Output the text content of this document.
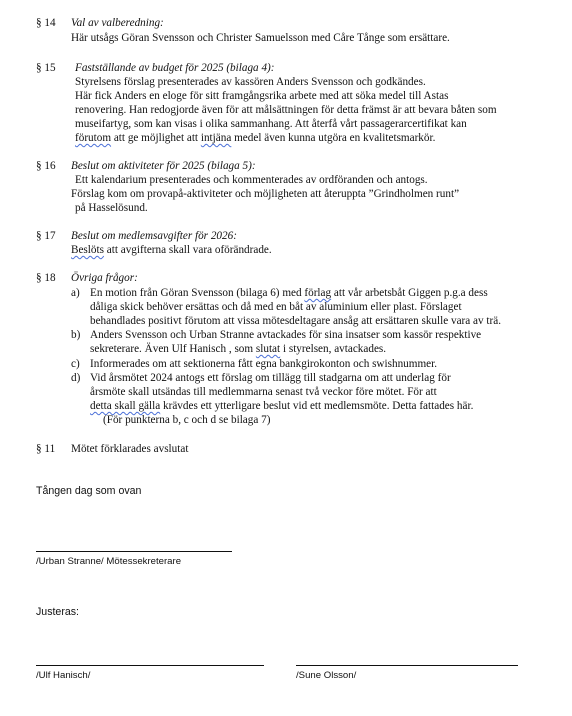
§ 14 Val av valberedning:
Här utsågs Göran Svensson och Christer Samuelsson med Cåre Tånge som ersättare.
§ 15 Fastställande av budget för 2025 (bilaga 4):
Styrelsens förslag presenterades av kassören Anders Svensson och godkändes.
Här fick Anders en eloge för sitt framgångsrika arbete med att söka medel till Astas
renovering. Han redogjorde även för att målsättningen för detta främst är att bevara båten som
museifartyg, som kan visas i olika sammanhang. Att återfå vårt passagerarcertifikat kan
förutom att ge möjlighet att intjäna medel även kunna utgöra en kvalitetsmarkör.
§ 16 Beslut om aktiviteter för 2025 (bilaga 5):
Ett kalendarium presenterades och kommenterades av ordföranden och antogs.
Förslag kom om provapå-aktiviteter och möjligheten att återuppta ”Grindholmen runt”
på Hasselösund.
§ 17 Beslut om medlemsavgifter för 2026:
Beslöts att avgifterna skall vara oförändrade.
§ 18 Övriga frågor:
a) En motion från Göran Svensson (bilaga 6) med förlag att vår arbetsbåt Giggen p.g.a dess
dåliga skick behöver ersättas och då med en båt av aluminium eller plast. Förslaget
behandlades positivt förutom att vissa mötesdeltagare ansåg att ersättaren skulle vara av trä.
b) Anders Svensson och Urban Stranne avtackades för sina insatser som kassör respektive
sekreterare. Även Ulf Hanisch , som slutat i styrelsen, avtackades.
c) Informerades om att sektionerna fått egna bankgirokonton och swishnummer.
d) Vid årsmötet 2024 antogs ett förslag om tillägg till stadgarna om att underlag för
årsmöte skall utsändas till medlemmarna senast två veckor före mötet. För att
detta skall gälla krävdes ett ytterligare beslut vid ett medlemsmöte. Detta fattades här.
(För punkterna b, c och d se bilaga 7)
§ 11 Mötet förklarades avslutat
Tången dag som ovan
/Urban Stranne/ Mötessekreterare
Justeras:
/Ulf Hanisch/	/Sune Olsson/
